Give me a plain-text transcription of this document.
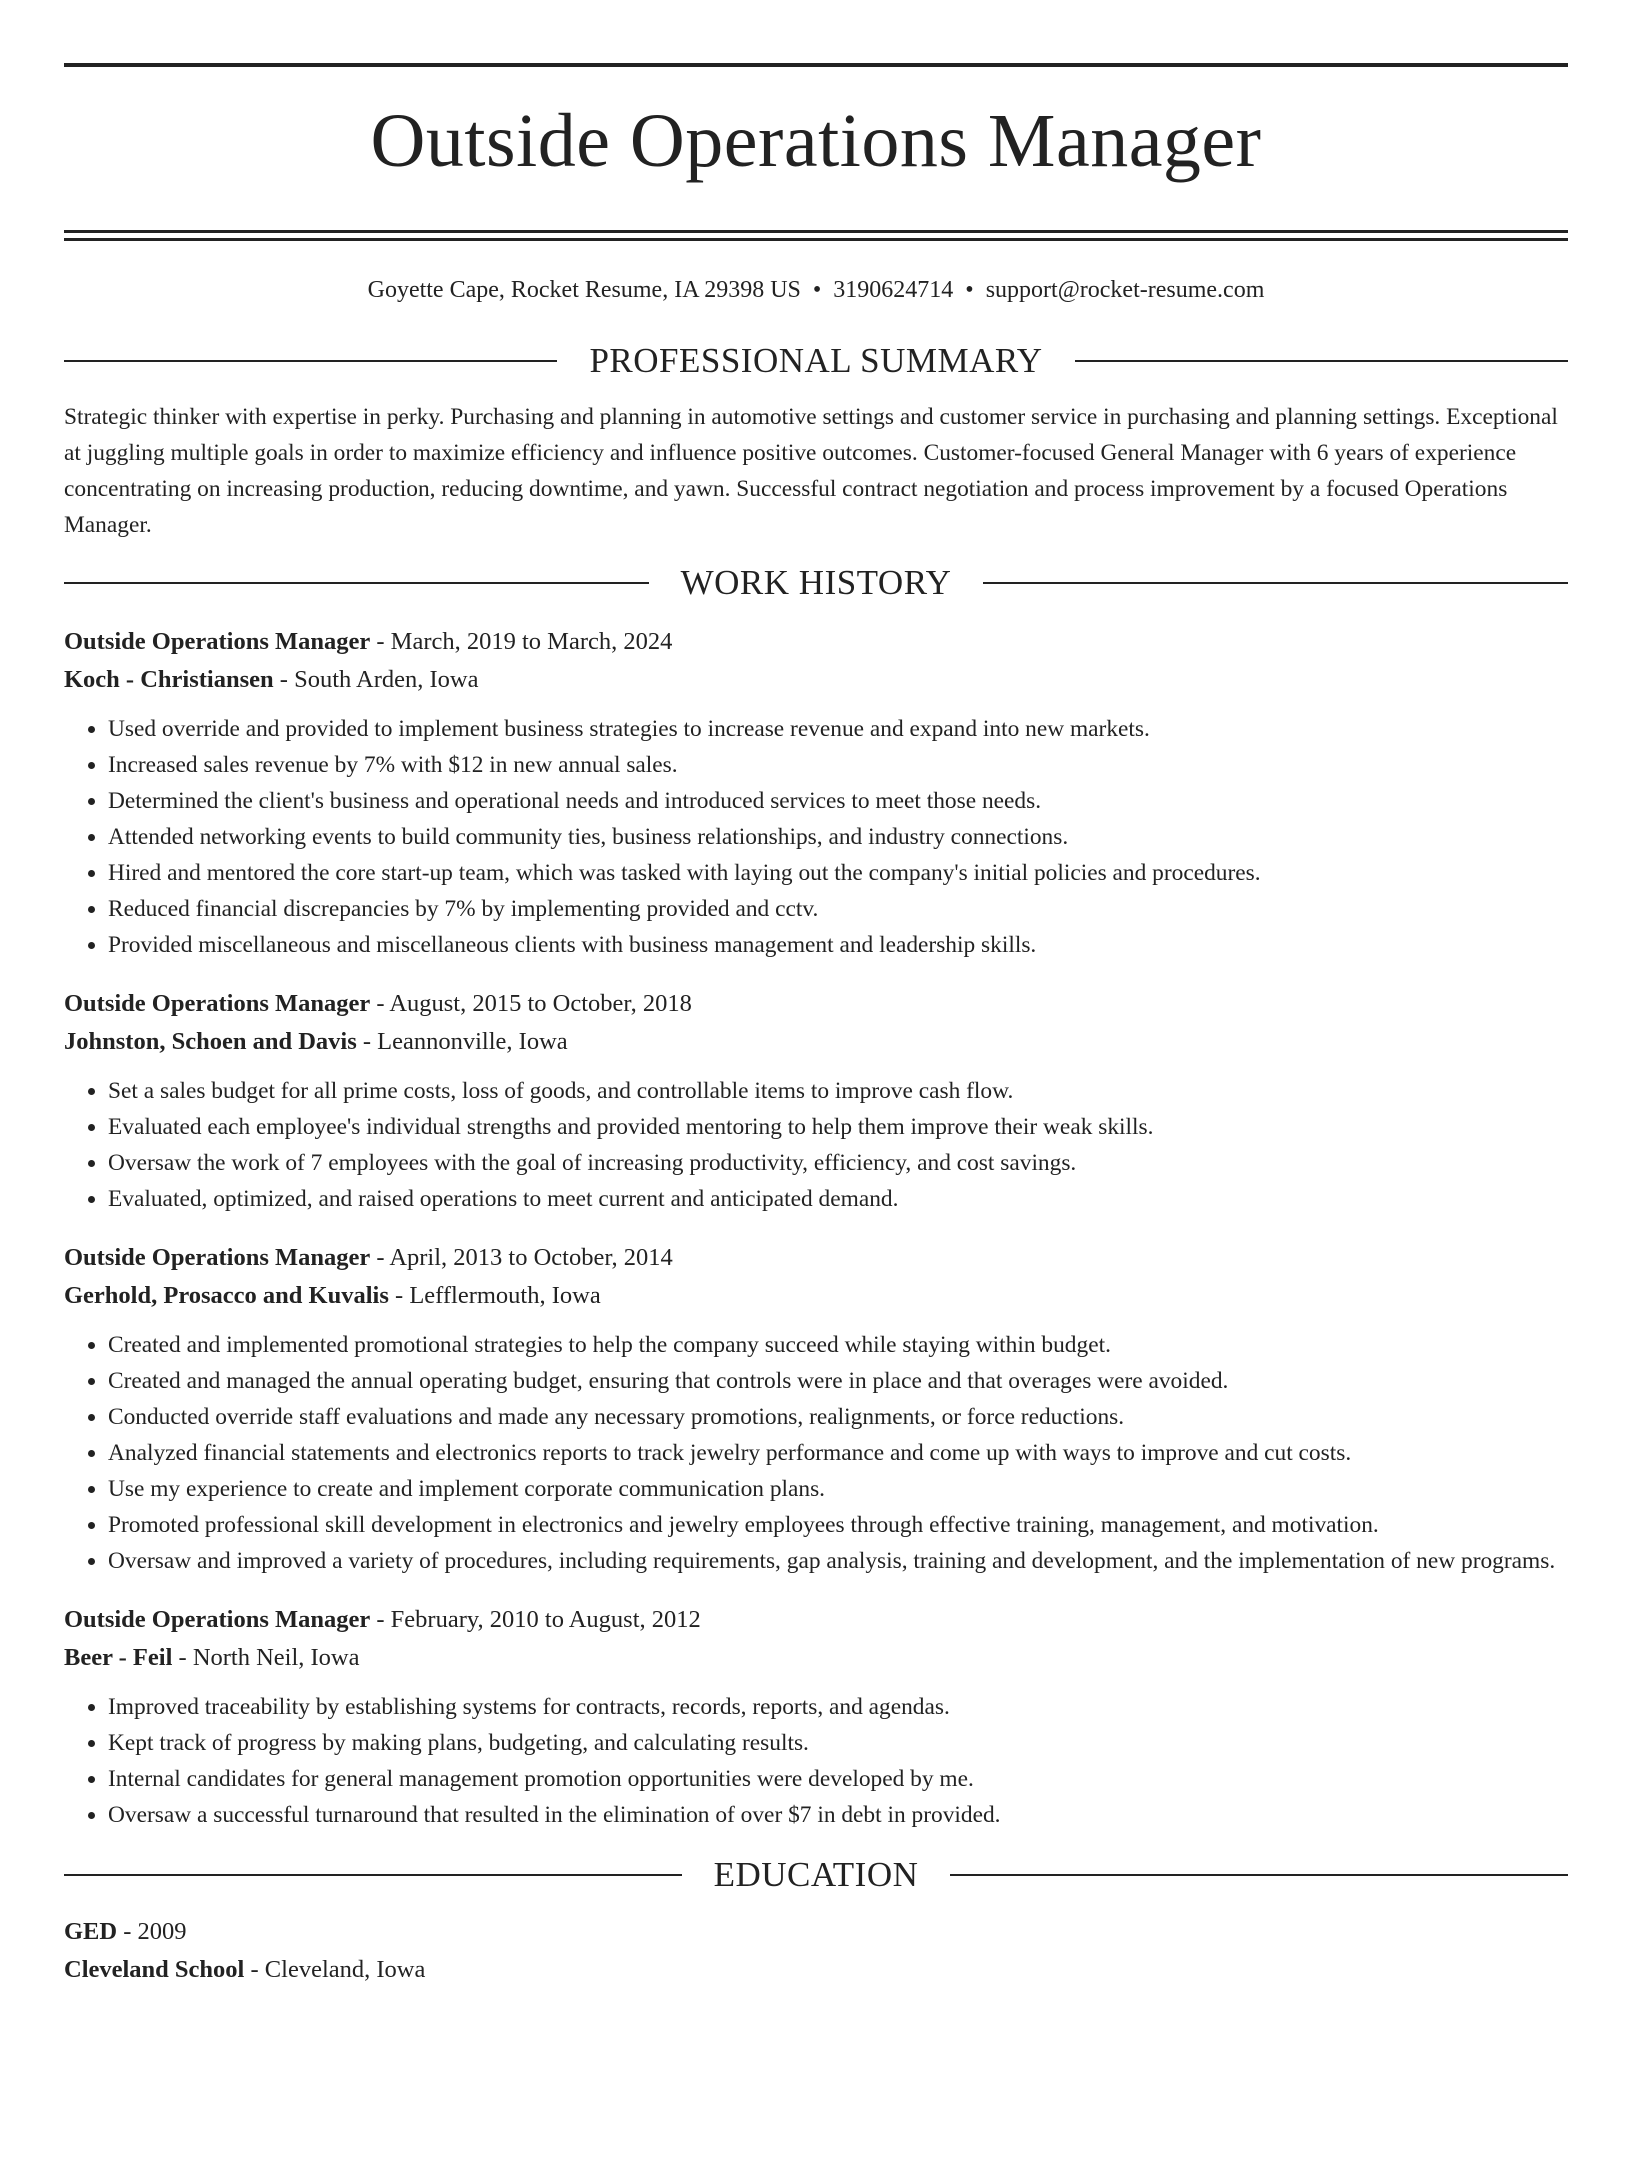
Outside Operations Manager
Goyette Cape, Rocket Resume, IA 29398 US • 3190624714 • support@rocket-resume.com
PROFESSIONAL SUMMARY
Strategic thinker with expertise in perky. Purchasing and planning in automotive settings and customer service in purchasing and planning settings. Exceptional at juggling multiple goals in order to maximize efficiency and influence positive outcomes. Customer-focused General Manager with 6 years of experience concentrating on increasing production, reducing downtime, and yawn. Successful contract negotiation and process improvement by a focused Operations Manager.
WORK HISTORY
Outside Operations Manager - March, 2019 to March, 2024
Koch - Christiansen - South Arden, Iowa
• Used override and provided to implement business strategies to increase revenue and expand into new markets.
• Increased sales revenue by 7% with $12 in new annual sales.
• Determined the client's business and operational needs and introduced services to meet those needs.
• Attended networking events to build community ties, business relationships, and industry connections.
• Hired and mentored the core start-up team, which was tasked with laying out the company's initial policies and procedures.
• Reduced financial discrepancies by 7% by implementing provided and cctv.
• Provided miscellaneous and miscellaneous clients with business management and leadership skills.
Outside Operations Manager - August, 2015 to October, 2018
Johnston, Schoen and Davis - Leannonville, Iowa
• Set a sales budget for all prime costs, loss of goods, and controllable items to improve cash flow.
• Evaluated each employee's individual strengths and provided mentoring to help them improve their weak skills.
• Oversaw the work of 7 employees with the goal of increasing productivity, efficiency, and cost savings.
• Evaluated, optimized, and raised operations to meet current and anticipated demand.
Outside Operations Manager - April, 2013 to October, 2014
Gerhold, Prosacco and Kuvalis - Lefflermouth, Iowa
• Created and implemented promotional strategies to help the company succeed while staying within budget.
• Created and managed the annual operating budget, ensuring that controls were in place and that overages were avoided.
• Conducted override staff evaluations and made any necessary promotions, realignments, or force reductions.
• Analyzed financial statements and electronics reports to track jewelry performance and come up with ways to improve and cut costs.
• Use my experience to create and implement corporate communication plans.
• Promoted professional skill development in electronics and jewelry employees through effective training, management, and motivation.
• Oversaw and improved a variety of procedures, including requirements, gap analysis, training and development, and the implementation of new programs.
Outside Operations Manager - February, 2010 to August, 2012
Beer - Feil - North Neil, Iowa
• Improved traceability by establishing systems for contracts, records, reports, and agendas.
• Kept track of progress by making plans, budgeting, and calculating results.
• Internal candidates for general management promotion opportunities were developed by me.
• Oversaw a successful turnaround that resulted in the elimination of over $7 in debt in provided.
EDUCATION
GED - 2009
Cleveland School - Cleveland, Iowa
